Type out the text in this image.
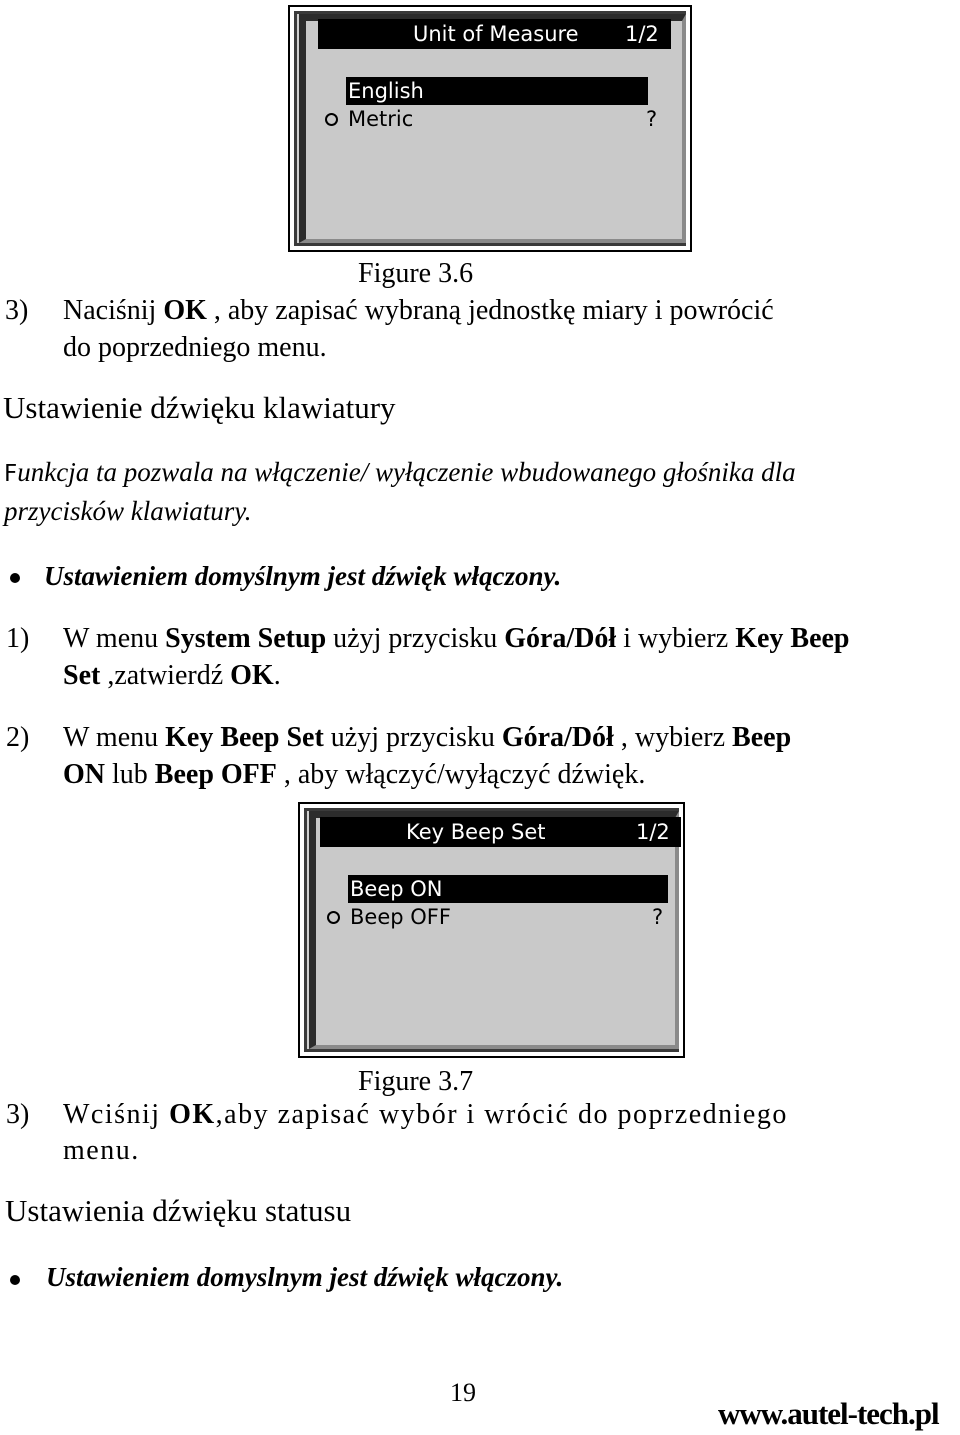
Unit of Measure 1/2
English
Metric	?
Figure 3.6
3) Naciśnij OK , aby zapisać wybraną jednostkę miary i powrócić
do poprzedniego menu.
Ustawienie dźwięku klawiatury
Funkcja ta pozwala na włączenie/ wyłączenie wbudowanego głośnika dla
przycisków klawiatury.
Ustawieniem domyślnym jest dźwięk włączony.
1) W menu System Setup użyj przycisku Góra/Dół i wybierz Key Beep
Set ,zatwierdź OK.
2) W menu Key Beep Set użyj przycisku Góra/Dół , wybierz Beep
ON lub Beep OFF , aby włączyć/wyłączyć dźwięk.
Key Beep Set	1/2
Beep ON
Beep OFF	?
Figure 3.7
3) Wciśnij OK,aby zapisać wybór i wrócić do poprzedniego
menu.
Ustawienia dźwięku statusu
Ustawieniem domyslnym jest dźwięk włączony.
19
www.autel-tech.pl
